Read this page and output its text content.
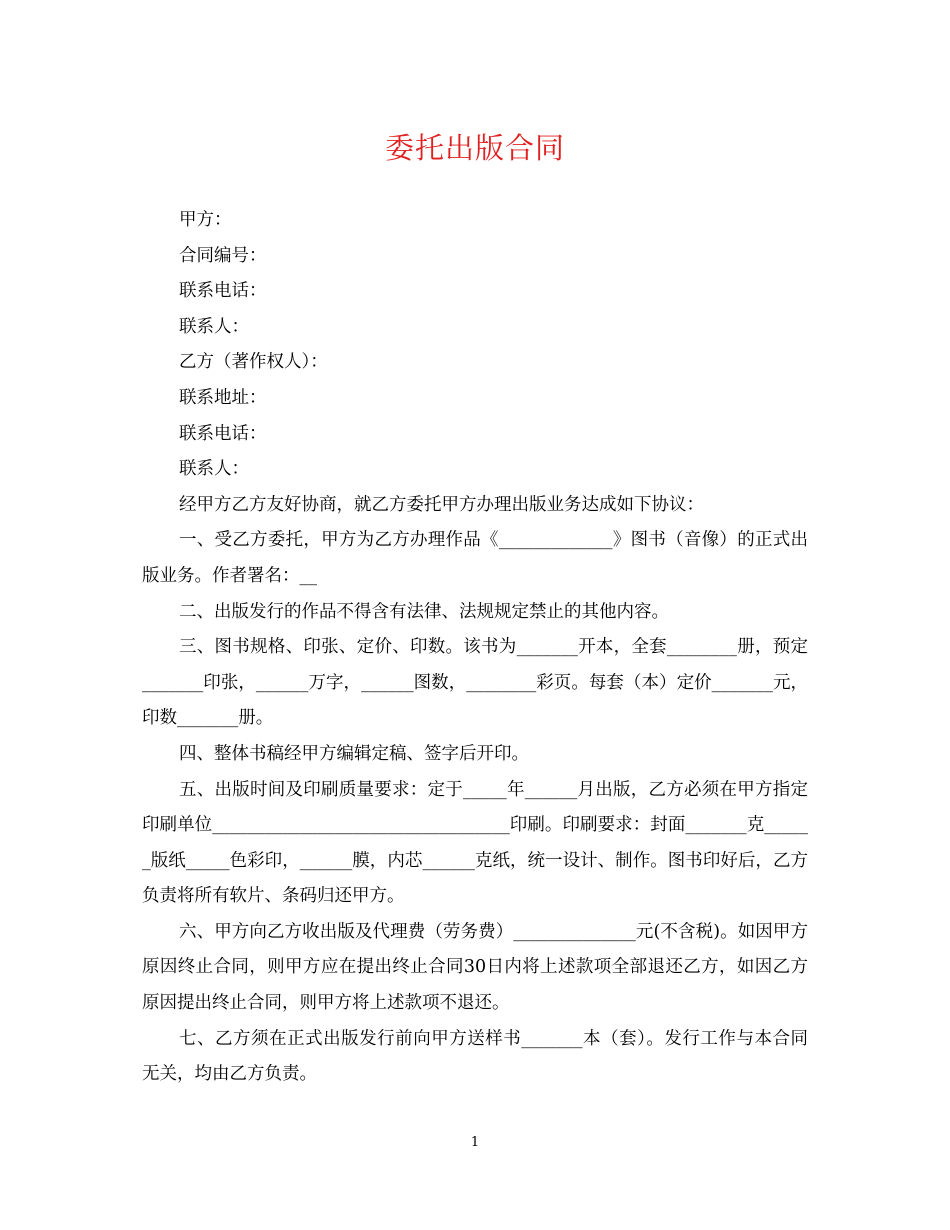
委托出版合同

甲方：

合同编号：

联系电话：

联系人：

乙方（著作权人）：

联系地址：

联系电话：

联系人：

经甲方乙方友好协商，就乙方委托甲方办理出版业务达成如下协议：

一、受乙方委托，甲方为乙方办理作品《_____________》图书（音像）的正式出版业务。作者署名：__

二、出版发行的作品不得含有法律、法规规定禁止的其他内容。

三、图书规格、印张、定价、印数。该书为_______开本，全套________册，预定_______印张，______万字，______图数，________彩页。每套（本）定价_______元，印数_______册。

四、整体书稿经甲方编辑定稿、签字后开印。

五、出版时间及印刷质量要求：定于_____年______月出版，乙方必须在甲方指定印刷单位__________________________________印刷。印刷要求：封面_______克______版纸_____色彩印，______膜，内芯______克纸，统一设计、制作。图书印好后，乙方负责将所有软片、条码归还甲方。

六、甲方向乙方收出版及代理费（劳务费）______________元(不含税)。如因甲方原因终止合同，则甲方应在提出终止合同30日内将上述款项全部退还乙方，如因乙方原因提出终止合同，则甲方将上述款项不退还。

七、乙方须在正式出版发行前向甲方送样书_______本（套）。发行工作与本合同无关，均由乙方负责。

1
